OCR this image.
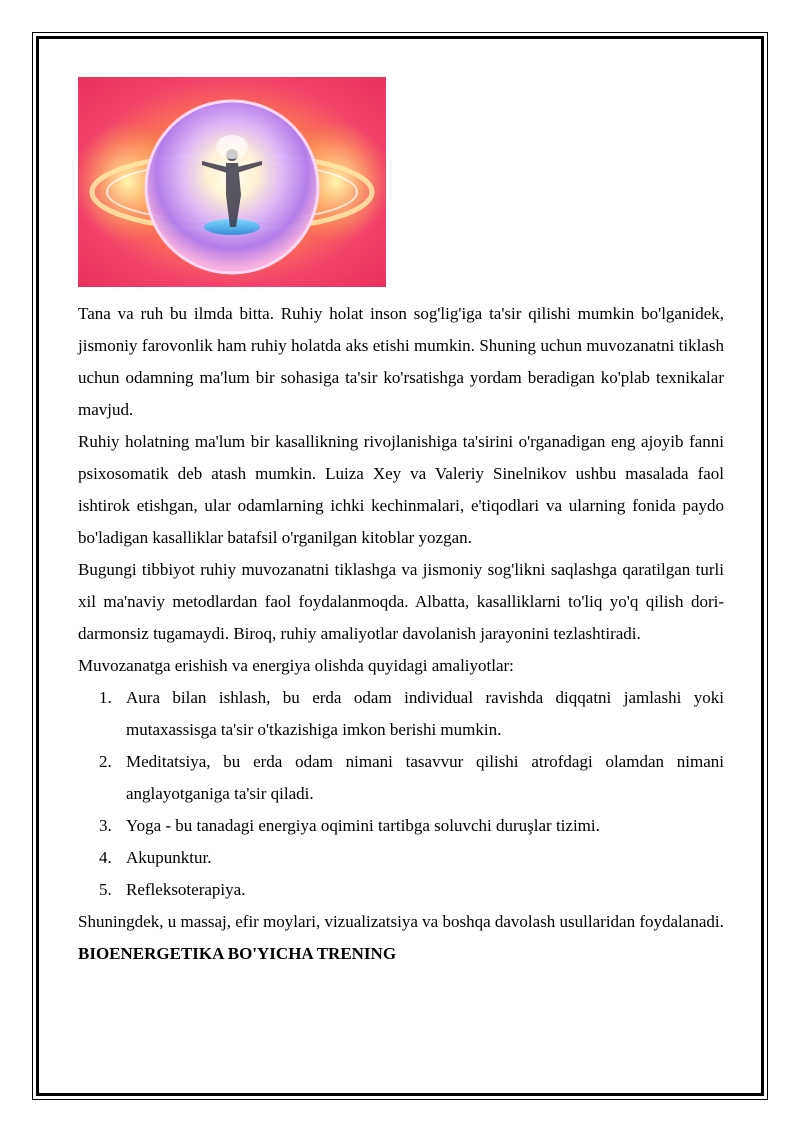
Tana va ruh bu ilmda bitta. Ruhiy holat inson sog'lig'iga ta'sir qilishi mumkin bo'lganidek, jismoniy farovonlik ham ruhiy holatda aks etishi mumkin. Shuning uchun muvozanatni tiklash uchun odamning ma'lum bir sohasiga ta'sir ko'rsatishga yordam beradigan ko'plab texnikalar mavjud.

Ruhiy holatning ma'lum bir kasallikning rivojlanishiga ta'sirini o'rganadigan eng ajoyib fanni psixosomatik deb atash mumkin. Luiza Xey va Valeriy Sinelnikov ushbu masalada faol ishtirok etishgan, ular odamlarning ichki kechinmalari, e'tiqodlari va ularning fonida paydo bo'ladigan kasalliklar batafsil o'rganilgan kitoblar yozgan.

Bugungi tibbiyot ruhiy muvozanatni tiklashga va jismoniy sog'likni saqlashga qaratilgan turli xil ma'naviy metodlardan faol foydalanmoqda. Albatta, kasalliklarni to'liq yo'q qilish dori-darmonsiz tugamaydi. Biroq, ruhiy amaliyotlar davolanish jarayonini tezlashtiradi.

Muvozanatga erishish va energiya olishda quyidagi amaliyotlar:

1. Aura bilan ishlash, bu erda odam individual ravishda diqqatni jamlashi yoki mutaxassisga ta'sir o'tkazishiga imkon berishi mumkin.
2. Meditatsiya, bu erda odam nimani tasavvur qilishi atrofdagi olamdan nimani anglayotganiga ta'sir qiladi.
3. Yoga - bu tanadagi energiya oqimini tartibga soluvchi duruşlar tizimi.
4. Akupunktur.
5. Refleksoterapiya.

Shuningdek, u massaj, efir moylari, vizualizatsiya va boshqa davolash usullaridan foydalanadi.

BIOENERGETIKA BO'YICHA TRENING
